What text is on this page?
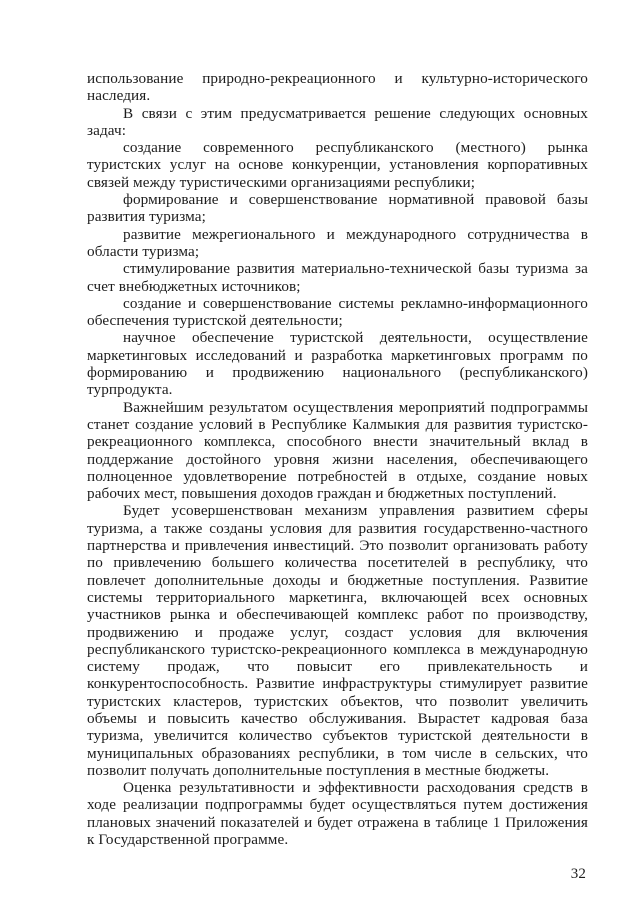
использование природно-рекреационного и культурно-исторического наследия.

В связи с этим предусматривается решение следующих основных задач:

создание современного республиканского (местного) рынка туристских услуг на основе конкуренции, установления корпоративных связей между туристическими организациями республики;

формирование и совершенствование нормативной правовой базы развития туризма;

развитие межрегионального и международного сотрудничества в области туризма;

стимулирование развития материально-технической базы туризма за счет внебюджетных источников;

создание и совершенствование системы рекламно-информационного обеспечения туристской деятельности;

научное обеспечение туристской деятельности, осуществление маркетинговых исследований и разработка маркетинговых программ по формированию и продвижению национального (республиканского) турпродукта.

Важнейшим результатом осуществления мероприятий подпрограммы станет создание условий в Республике Калмыкия для развития туристско-рекреационного комплекса, способного внести значительный вклад в поддержание достойного уровня жизни населения, обеспечивающего полноценное удовлетворение потребностей в отдыхе, создание новых рабочих мест, повышения доходов граждан и бюджетных поступлений.

Будет усовершенствован механизм управления развитием сферы туризма, а также созданы условия для развития государственно-частного партнерства и привлечения инвестиций. Это позволит организовать работу по привлечению большего количества посетителей в республику, что повлечет дополнительные доходы и бюджетные поступления. Развитие системы территориального маркетинга, включающей всех основных участников рынка и обеспечивающей комплекс работ по производству, продвижению и продаже услуг, создаст условия для включения республиканского туристско-рекреационного комплекса в международную систему продаж, что повысит его привлекательность и конкурентоспособность. Развитие инфраструктуры стимулирует развитие туристских кластеров, туристских объектов, что позволит увеличить объемы и повысить качество обслуживания. Вырастет кадровая база туризма, увеличится количество субъектов туристской деятельности в муниципальных образованиях республики, в том числе в сельских, что позволит получать дополнительные поступления в местные бюджеты.

Оценка результативности и эффективности расходования средств в ходе реализации подпрограммы будет осуществляться путем достижения плановых значений показателей и будет отражена в таблице 1 Приложения к Государственной программе.

32
